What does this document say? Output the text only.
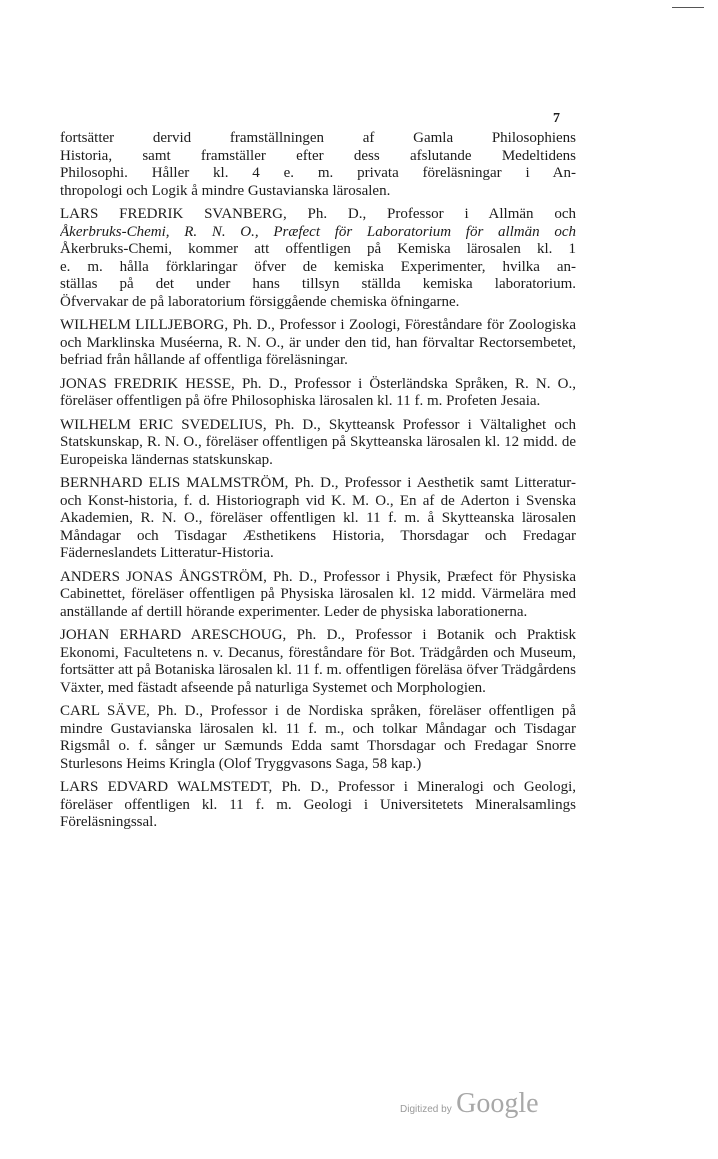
7

fortsätter dervid framställningen af Gamla Philosophiens
Historia, samt framställer efter dess afslutande Medeltidens
Philosophi. Håller kl. 4 e. m. privata föreläsningar i An-
thropologi och Logik å mindre Gustavianska lärosalen.

LARS FREDRIK SVANBERG, Ph. D., Professor i Allmän och
Åkerbruks-Chemi, R. N. O., Præfect för Laboratorium för allmän och
Åkerbruks-Chemi, kommer att offentligen på Kemiska lärosalen kl. 1
e. m. hålla förklaringar öfver de kemiska Experimenter, hvilka an-
ställas på det under hans tillsyn ställda kemiska laboratorium.
Öfvervakar de på laboratorium försiggående chemiska öfningarne.

WILHELM LILLJEBORG, Ph. D., Professor i Zoologi, Föreståndare för Zoologiska och Marklinska Muséerna, R. N. O., är under den tid, han förvaltar Rectorsembetet, befriad från hållande af offentliga föreläsningar.

JONAS FREDRIK HESSE, Ph. D., Professor i Österländska Språken, R. N. O., föreläser offentligen på öfre Philosophiska lärosalen kl. 11 f. m. Profeten Jesaia.

WILHELM ERIC SVEDELIUS, Ph. D., Skytteansk Professor i Vältalighet och Statskunskap, R. N. O., föreläser offentligen på Skytteanska lärosalen kl. 12 midd. de Europeiska ländernas statskunskap.

BERNHARD ELIS MALMSTRÖM, Ph. D., Professor i Aesthetik samt Litteratur- och Konst-historia, f. d. Historiograph vid K. M. O., En af de Aderton i Svenska Akademien, R. N. O., föreläser offentligen kl. 11 f. m. å Skytteanska lärosalen Måndagar och Tisdagar Æsthetikens Historia, Thorsdagar och Fredagar Fäderneslandets Litteratur-Historia.

ANDERS JONAS ÅNGSTRÖM, Ph. D., Professor i Physik, Præfect för Physiska Cabinettet, föreläser offentligen på Physiska lärosalen kl. 12 midd. Värmelära med anställande af dertill hörande experimenter. Leder de physiska laborationerna.

JOHAN ERHARD ARESCHOUG, Ph. D., Professor i Botanik och Praktisk Ekonomi, Facultetens n. v. Decanus, föreståndare för Bot. Trädgården och Museum, fortsätter att på Botaniska lärosalen kl. 11 f. m. offentligen föreläsa öfver Trädgårdens Växter, med fästadt afseende på naturliga Systemet och Morphologien.

CARL SÄVE, Ph. D., Professor i de Nordiska språken, föreläser offentligen på mindre Gustavianska lärosalen kl. 11 f. m., och tolkar Måndagar och Tisdagar Rigsmål o. f. sånger ur Sæmunds Edda samt Thorsdagar och Fredagar Snorre Sturlesons Heims Kringla (Olof Tryggvasons Saga, 58 kap.)

LARS EDVARD WALMSTEDT, Ph. D., Professor i Mineralogi och Geologi, föreläser offentligen kl. 11 f. m. Geologi i Universitetets Mineralsamlings Föreläsningssal.

Digitized by Google
